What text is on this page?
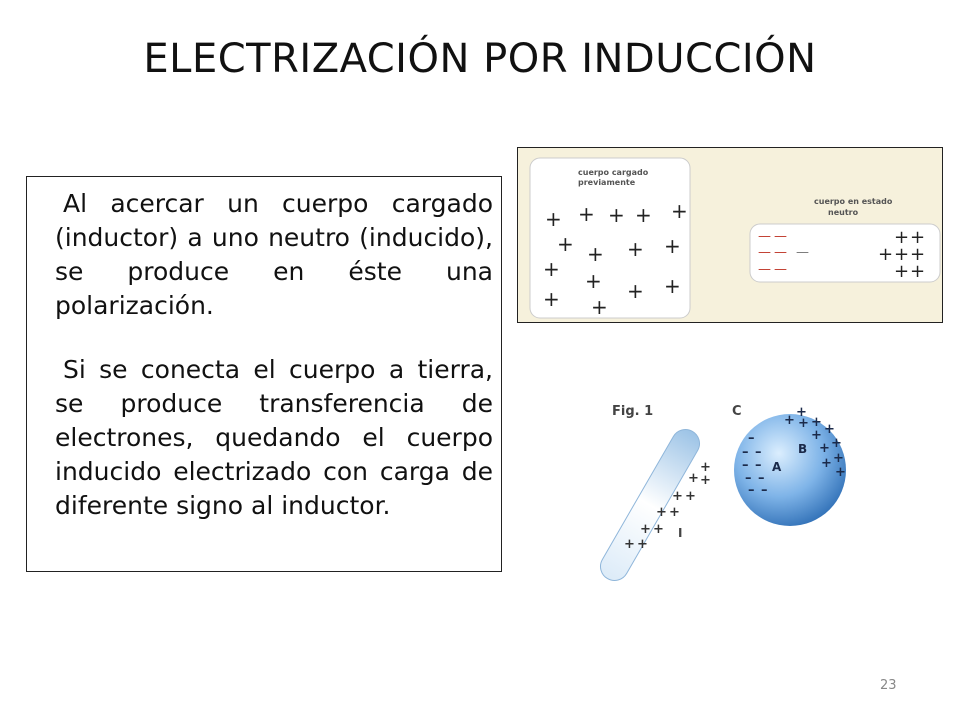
ELECTRIZACIÓN POR INDUCCIÓN

Al acercar un cuerpo cargado (inductor) a uno neutro (inducido), se produce en éste una polarización.

Si se conecta el cuerpo a tierra, se produce transferencia de electrones, quedando el cuerpo inducido electrizado con carga de diferente signo al inductor.

cuerpo cargado
previamente
+ + + + +
+ + + +
+ + + +
+ +
cuerpo en estado
neutro
— —
— — —
— —
+ +
+ + +
+ +
Fig. 1	C
+
+ +
+ +
+ +
+ +
+ +
I
–
– –
– –
– –
– –
+
+ + + +
+
+
+
+
+
+
B
A
23
